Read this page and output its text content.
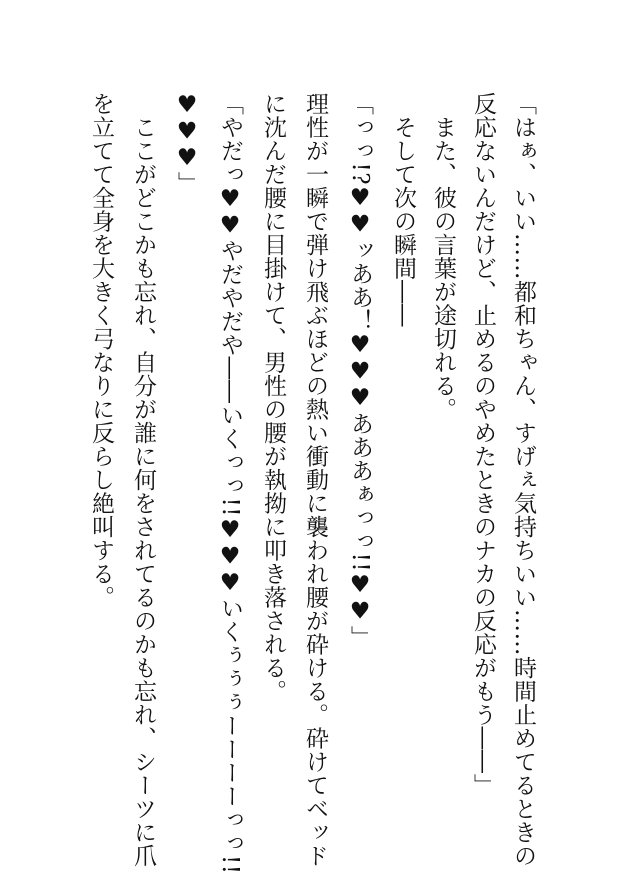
「はぁ、いい……都和ちゃん、すげぇ気持ちいい……時間止めてるときの
反応ないんだけど、止めるのやめたときのナカの反応がもう――」
　また、彼の言葉が途切れる。
　そして次の瞬間――
「っっ!?♥♥ッああ！♥♥♥あああぁっっ!!♥♥」
理性が一瞬で弾け飛ぶほどの熱い衝動に襲われ腰が砕ける。砕けてベッド
に沈んだ腰に目掛けて、男性の腰が執拗に叩き落される。
「やだっ♥♥やだやだや――いくっっ!!♥♥♥いくぅぅぅーーーーっっ!!
♥♥♥」
　ここがどこかも忘れ、自分が誰に何をされてるのかも忘れ、シーツに爪
を立てて全身を大きく弓なりに反らし絶叫する。
